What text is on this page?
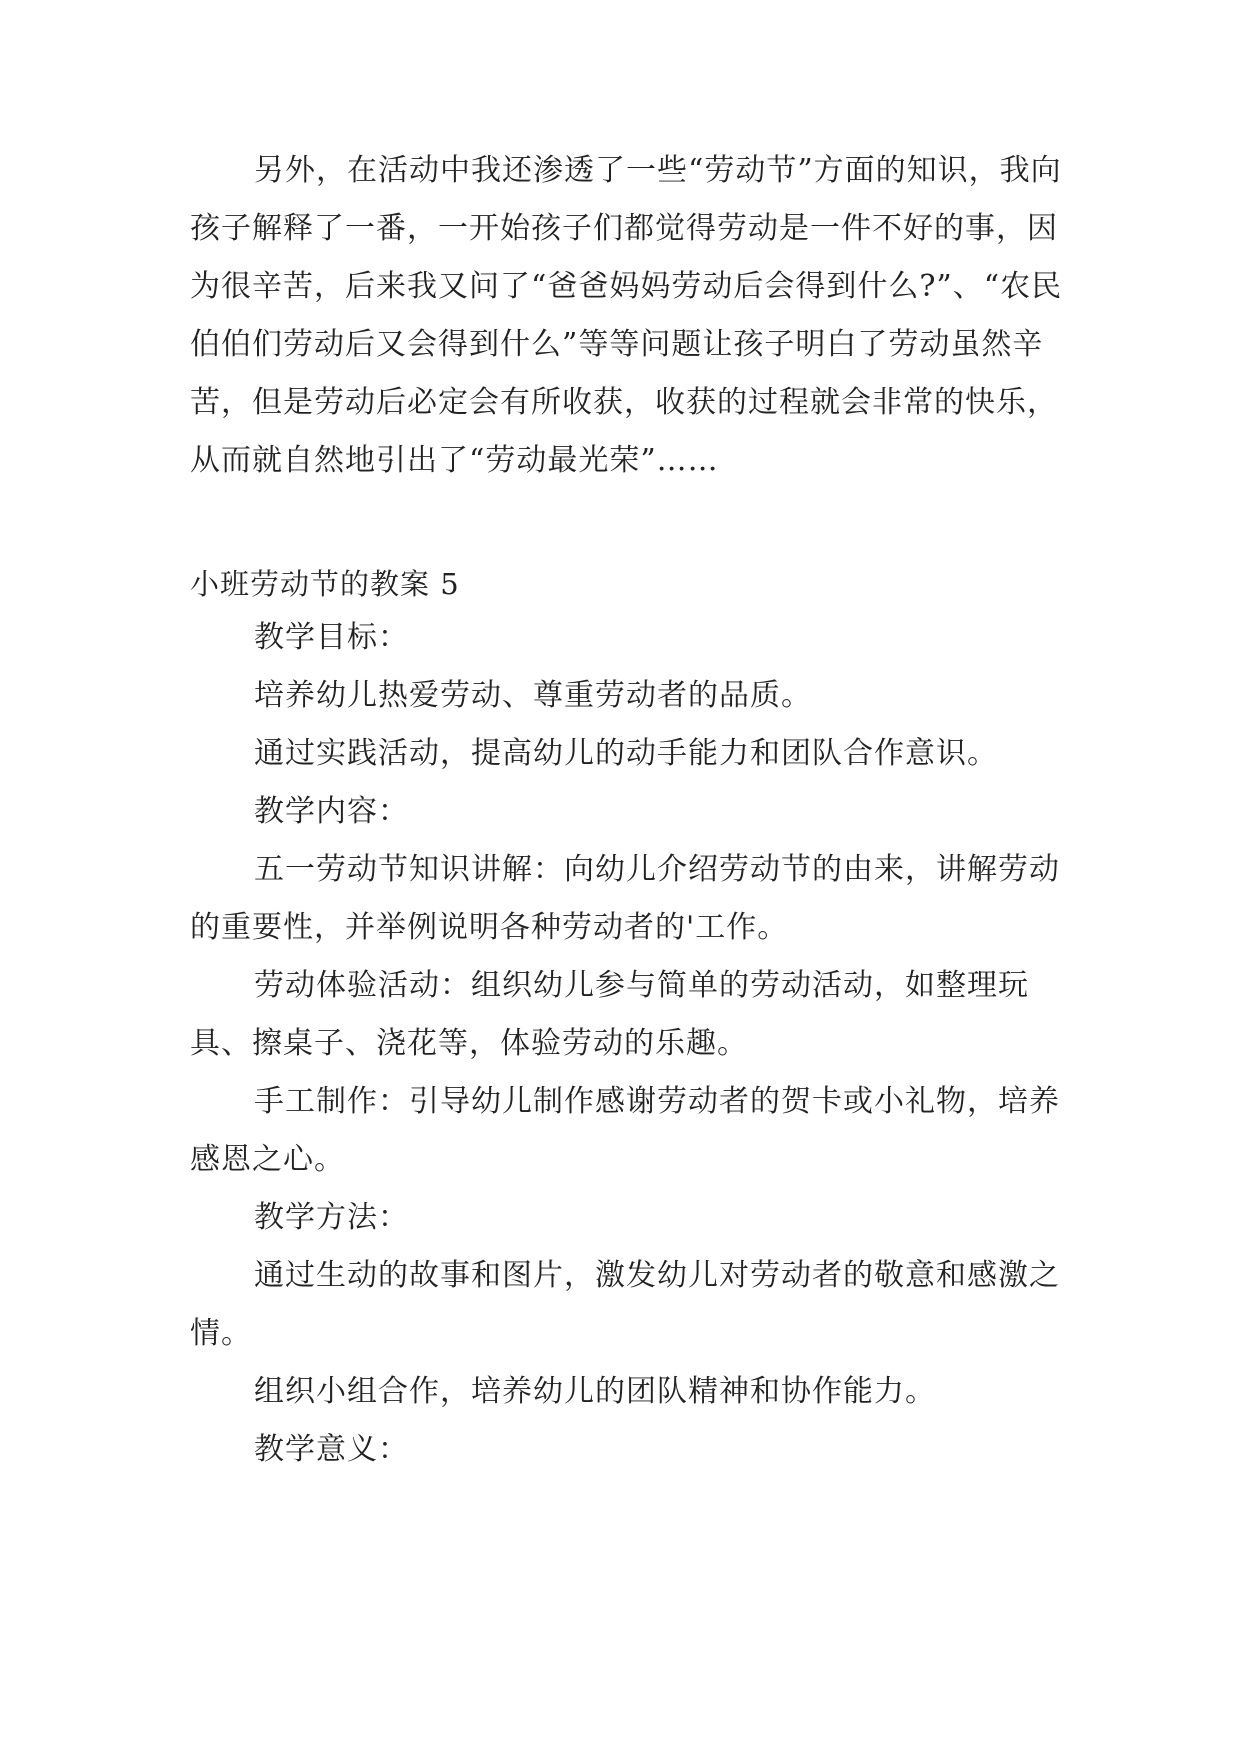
另外，在活动中我还渗透了一些“劳动节”方面的知识，我向孩子解释了一番，一开始孩子们都觉得劳动是一件不好的事，因为很辛苦，后来我又问了“爸爸妈妈劳动后会得到什么?”、“农民伯伯们劳动后又会得到什么”等等问题让孩子明白了劳动虽然辛苦，但是劳动后必定会有所收获，收获的过程就会非常的快乐，从而就自然地引出了“劳动最光荣”……

小班劳动节的教案 5

教学目标：

培养幼儿热爱劳动、尊重劳动者的品质。

通过实践活动，提高幼儿的动手能力和团队合作意识。

教学内容：

五一劳动节知识讲解：向幼儿介绍劳动节的由来，讲解劳动的重要性，并举例说明各种劳动者的'工作。

劳动体验活动：组织幼儿参与简单的劳动活动，如整理玩具、擦桌子、浇花等，体验劳动的乐趣。

手工制作：引导幼儿制作感谢劳动者的贺卡或小礼物，培养感恩之心。

教学方法：

通过生动的故事和图片，激发幼儿对劳动者的敬意和感激之情。

组织小组合作，培养幼儿的团队精神和协作能力。

教学意义：
